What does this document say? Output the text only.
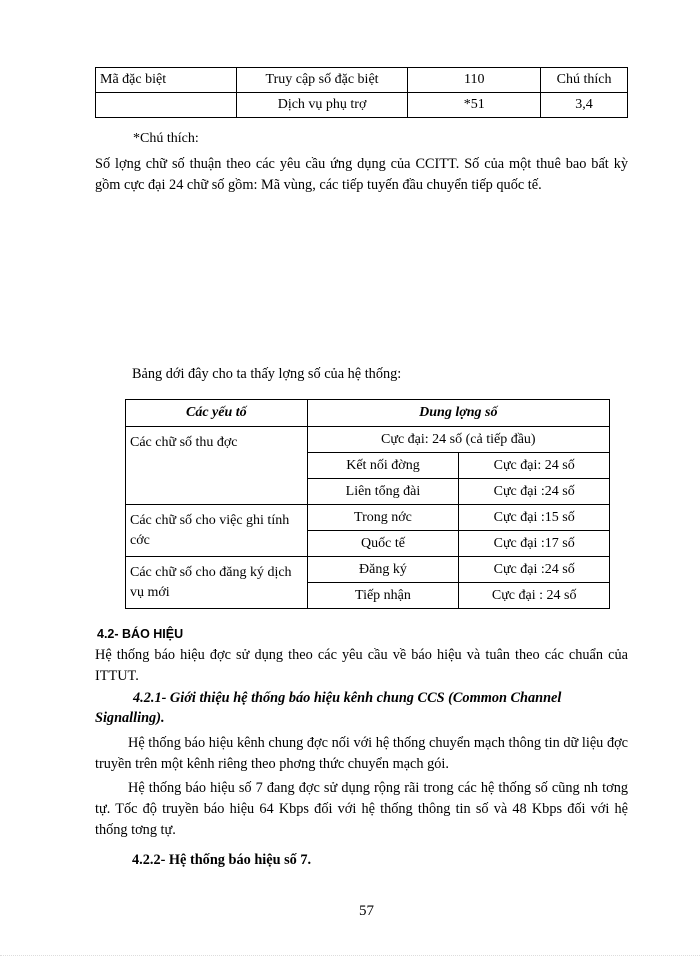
Mã đặc biệt	Truy cập số đặc biệt	110	Chú thích
	Dịch vụ phụ trợ	*51	3,4
*Chú thích:
Số lợng chữ số thuận theo các yêu cầu ứng dụng của CCITT. Số của một thuê bao bất kỳ gồm cực đại 24 chữ số gồm: Mã vùng, các tiếp tuyến đầu chuyển tiếp quốc tế.
Bảng dới đây cho ta thấy lợng số của hệ thống:
Các yếu tố	Dung lợng số	
Các chữ số thu đợc	Cực đại: 24 số (cả tiếp đầu)	
	Kết nối đờng	Cực đại: 24 số
	Liên tổng đài	Cực đại :24 số
Các chữ số cho việc ghi tính cớc	Trong nớc	Cực đại :15 số
	Quốc tế	Cực đại :17 số
Các chữ số cho đăng ký dịch vụ mới	Đăng ký	Cực đại :24 số
	Tiếp nhận	Cực đại : 24 số
4.2- BÁO HIỆU
Hệ thống báo hiệu đợc sử dụng theo các yêu cầu về báo hiệu và tuân theo các chuẩn của ITTUT.
4.2.1- Giới thiệu hệ thống báo hiệu kênh chung CCS (Common Channel Signalling).
Hệ thống báo hiệu kênh chung đợc nối với hệ thống chuyển mạch thông tin dữ liệu đợc truyền trên một kênh riêng theo phơng thức chuyển mạch gói.
Hệ thống báo hiệu số 7 đang đợc sử dụng rộng rãi trong các hệ thống số cũng nh tơng tự. Tốc độ truyền báo hiệu 64 Kbps đối với hệ thống thông tin số và 48 Kbps đối với hệ thống tơng tự.
4.2.2- Hệ thống báo hiệu số 7.
57
